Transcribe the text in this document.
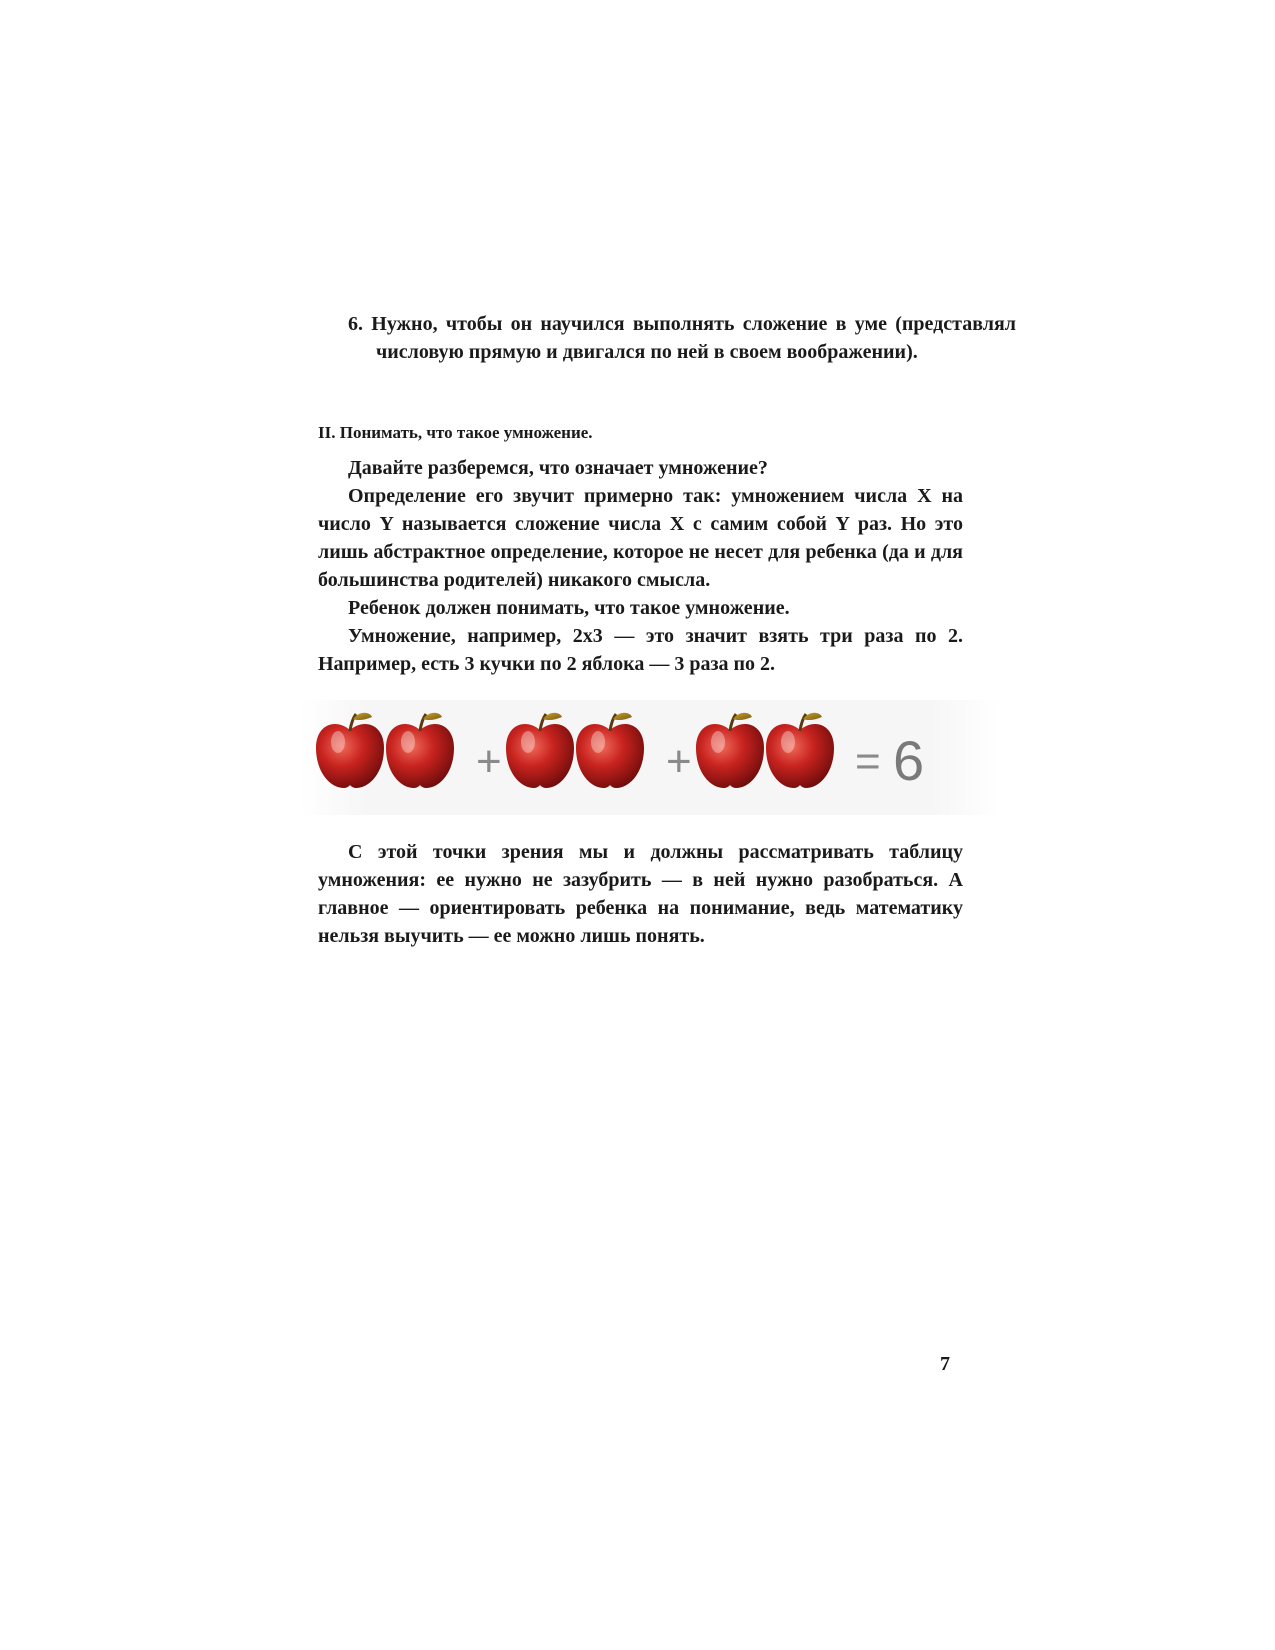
6. Нужно, чтобы он научился выполнять сложение в уме (представлял числовую прямую и двигался по ней в своем воображении).
II. Понимать, что такое умножение.

Давайте разберемся, что означает умножение?

Определение его звучит примерно так: умножением числа X на число Y называется сложение числа X с самим собой Y раз. Но это лишь абстрактное определение, которое не несет для ребенка (да и для большинства родителей) никакого смысла.

Ребенок должен понимать, что такое умножение.

Умножение, например, 2x3 — это значит взять три раза по 2. Например, есть 3 кучки по 2 яблока — 3 раза по 2.

+	+	= 6

С этой точки зрения мы и должны рассматривать таблицу умножения: ее нужно не зазубрить — в ней нужно разобраться. А главное — ориентировать ребенка на понимание, ведь математику нельзя выучить — ее можно лишь понять.

7
